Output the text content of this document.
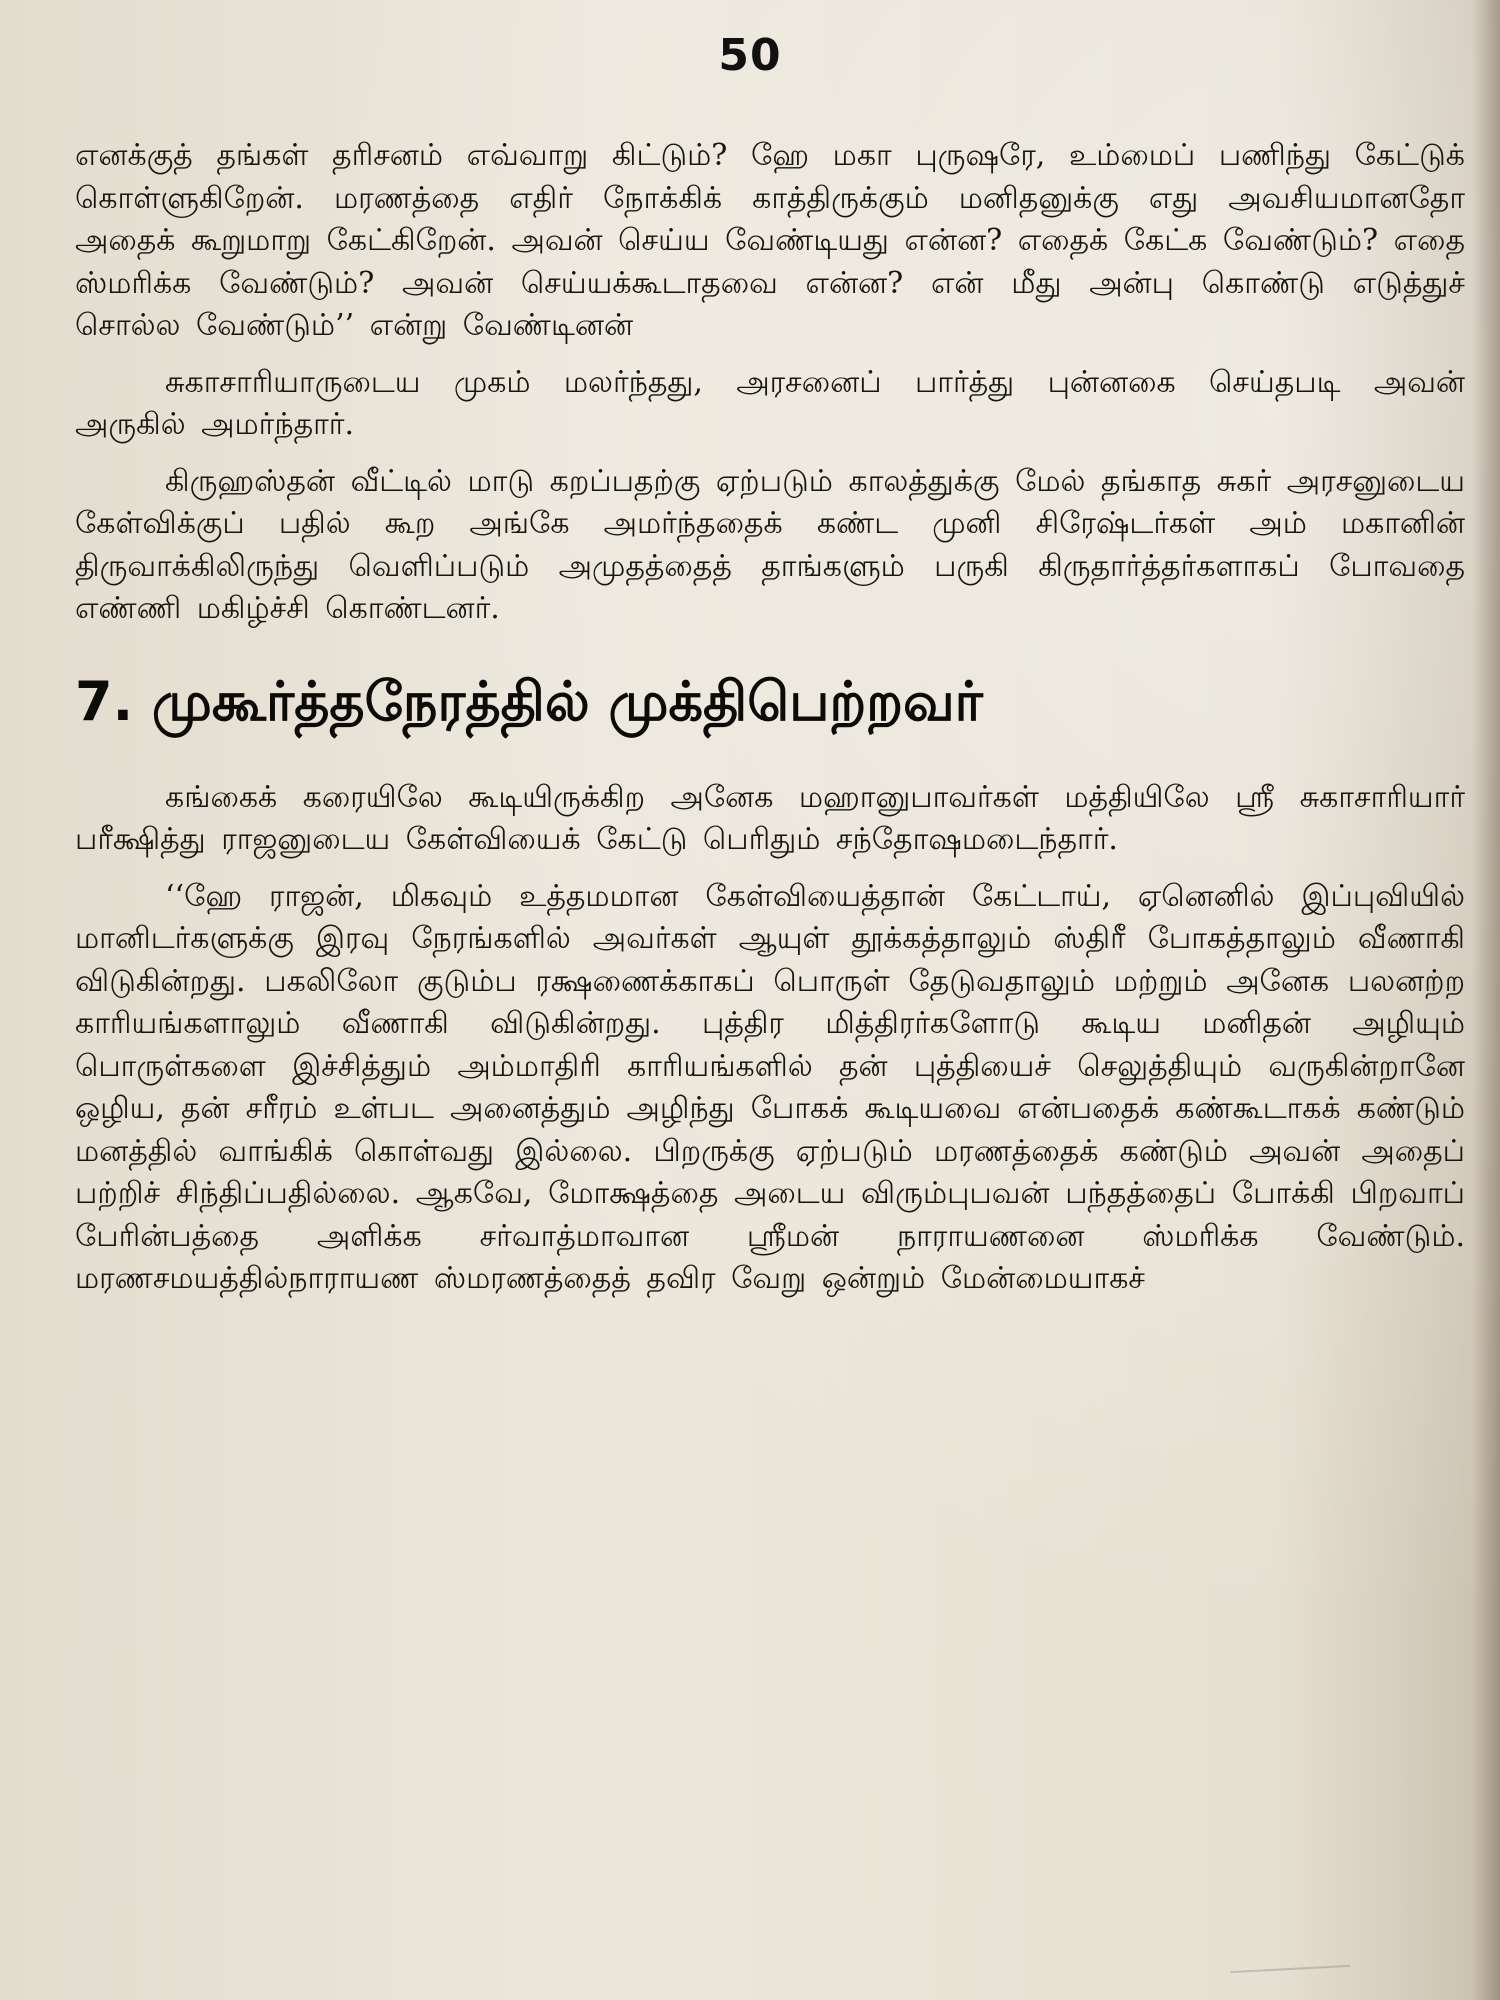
50

எனக்குத் தங்கள் தரிசனம் எவ்வாறு கிட்டும்? ஹே மகா புருஷரே, உம்மைப் பணிந்து கேட்டுக் கொள்ளுகிறேன். மரணத்தை எதிர் நோக்கிக் காத்திருக்கும் மனிதனுக்கு எது அவசியமானதோ அதைக் கூறுமாறு கேட்கிறேன். அவன் செய்ய வேண்டியது என்ன? எதைக் கேட்க வேண்டும்? எதை ஸ்மரிக்க வேண்டும்? அவன் செய்யக்கூடாதவை என்ன? என் மீது அன்பு கொண்டு எடுத்துச் சொல்ல வேண்டும்’’ என்று வேண்டினன்

சுகாசாரியாருடைய முகம் மலர்ந்தது, அரசனைப் பார்த்து புன்னகை செய்தபடி அவன் அருகில் அமர்ந்தார்.

கிருஹஸ்தன் வீட்டில் மாடு கறப்பதற்கு ஏற்படும் காலத்துக்கு மேல் தங்காத சுகர் அரசனுடைய கேள்விக்குப் பதில் கூற அங்கே அமர்ந்ததைக் கண்ட முனி சிரேஷ்டர்கள் அம் மகானின் திருவாக்கிலிருந்து வெளிப்படும் அமுதத்தைத் தாங்களும் பருகி கிருதார்த்தர்களாகப் போவதை எண்ணி மகிழ்ச்சி கொண்டனர்.

7. முகூர்த்தநேரத்தில் முக்திபெற்றவர்

கங்கைக் கரையிலே கூடியிருக்கிற அனேக மஹானுபாவர்கள் மத்தியிலே ஸ்ரீ சுகாசாரியார் பரீக்ஷித்து ராஜனுடைய கேள்வியைக் கேட்டு பெரிதும் சந்தோஷமடைந்தார்.

‘‘ஹே ராஜன், மிகவும் உத்தமமான கேள்வியைத்தான் கேட்டாய், ஏனெனில் இப்புவியில் மானிடர்களுக்கு இரவு நேரங்களில் அவர்கள் ஆயுள் தூக்கத்தாலும் ஸ்திரீ போகத்தாலும் வீணாகி விடுகின்றது. பகலிலோ குடும்ப ரக்ஷணைக்காகப் பொருள் தேடுவதாலும் மற்றும் அனேக பலனற்ற காரியங்களாலும் வீணாகி விடுகின்றது. புத்திர மித்திரர்களோடு கூடிய மனிதன் அழியும் பொருள்களை இச்சித்தும் அம்மாதிரி காரியங்களில் தன் புத்தியைச் செலுத்தியும் வருகின்றானே ஒழிய, தன் சரீரம் உள்பட அனைத்தும் அழிந்து போகக் கூடியவை என்பதைக் கண்கூடாகக் கண்டும் மனத்தில் வாங்கிக் கொள்வது இல்லை. பிறருக்கு ஏற்படும் மரணத்தைக் கண்டும் அவன் அதைப் பற்றிச் சிந்திப்பதில்லை. ஆகவே, மோக்ஷத்தை அடைய விரும்புபவன் பந்தத்தைப் போக்கி பிறவாப் பேரின்பத்தை அளிக்க சர்வாத்மாவான ஸ்ரீமன் நாராயணனை ஸ்மரிக்க வேண்டும். மரணசமயத்தில்நாராயண ஸ்மரணத்தைத் தவிர வேறு ஒன்றும் மேன்மையாகச்
